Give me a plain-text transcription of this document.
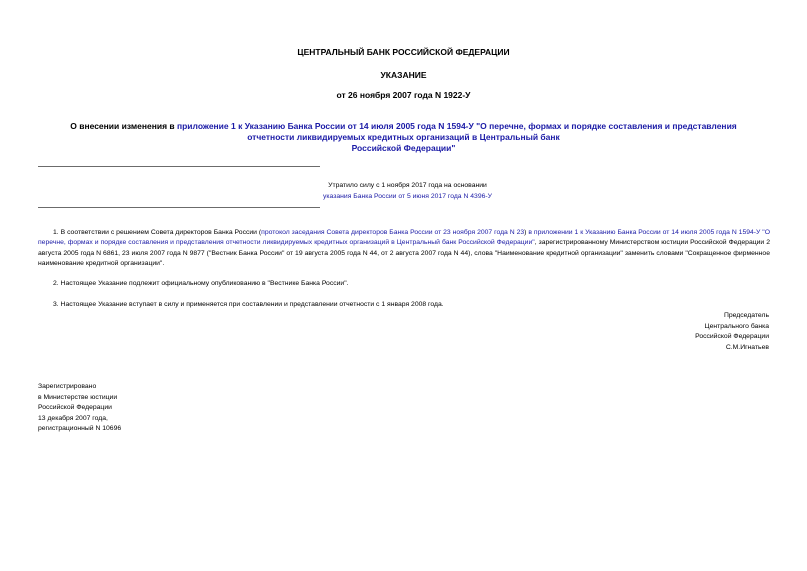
ЦЕНТРАЛЬНЫЙ БАНК РОССИЙСКОЙ ФЕДЕРАЦИИ
УКАЗАНИЕ
от 26 ноября 2007 года N 1922-У
О внесении изменения в приложение 1 к Указанию Банка России от 14 июля 2005 года N 1594-У "О перечне, формах и порядке составления и представления
отчетности ликвидируемых кредитных организаций в Центральный банк
Российской Федерации"
Утратило силу с 1 ноября 2017 года на основании
указания Банка России от 5 июня 2017 года N 4396-У
1. В соответствии с решением Совета директоров Банка России (протокол заседания Совета директоров Банка России от 23 ноября 2007 года N 23) в приложении 1 к Указанию Банка России от 14 июля 2005 года N 1594-У "О перечне, формах и порядке составления и представления отчетности ликвидируемых кредитных организаций в Центральный банк Российской Федерации", зарегистрированному Министерством юстиции Российской Федерации 2 августа 2005 года N 6861, 23 июля 2007 года N 9877 ("Вестник Банка России" от 19 августа 2005 года N 44, от 2 августа 2007 года N 44), слова "Наименование кредитной организации" заменить словами "Сокращенное фирменное наименование кредитной организации".
2. Настоящее Указание подлежит официальному опубликованию в "Вестнике Банка России".
3. Настоящее Указание вступает в силу и применяется при составлении и представлении отчетности с 1 января 2008 года.
Председатель
Центрального банка
Российской Федерации
С.М.Игнатьев
Зарегистрировано
в Министерстве юстиции
Российской Федерации
13 декабря 2007 года,
регистрационный N 10696
